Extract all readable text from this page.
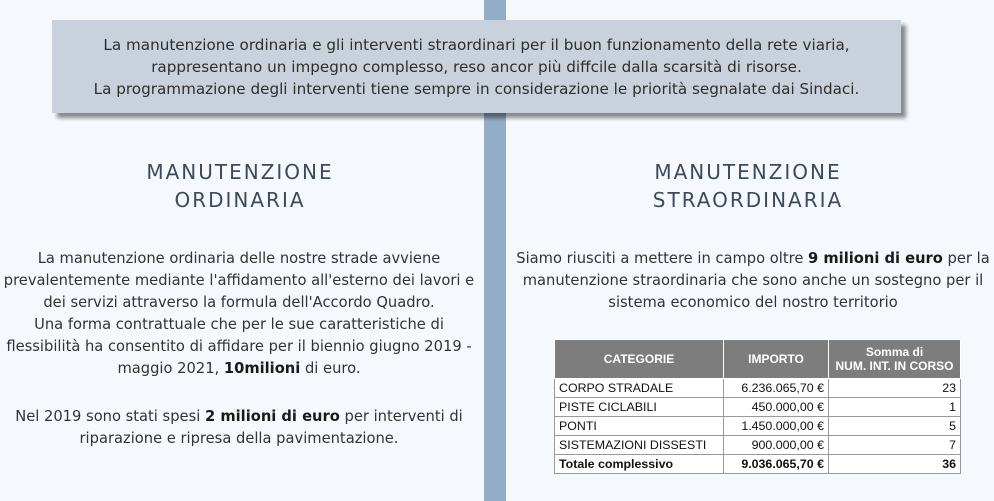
La manutenzione ordinaria e gli interventi straordinari per il buon funzionamento della rete viaria,
rappresentano un impegno complesso, reso ancor più diffcile dalla scarsità di risorse.
La programmazione degli interventi tiene sempre in considerazione le priorità segnalate dai Sindaci.
MANUTENZIONE
ORDINARIA
La manutenzione ordinaria delle nostre strade avviene
prevalentemente mediante l'affidamento all'esterno dei lavori e
dei servizi attraverso la formula dell'Accordo Quadro.
Una forma contrattuale che per le sue caratteristiche di
flessibilità ha consentito di affidare per il biennio giugno 2019 -
maggio 2021, 10milioni di euro.
Nel 2019 sono stati spesi 2 milioni di euro per interventi di
riparazione e ripresa della pavimentazione.
MANUTENZIONE
STRAORDINARIA
Siamo riusciti a mettere in campo oltre 9 milioni di euro per la
manutenzione straordinaria che sono anche un sostegno per il
sistema economico del nostro territorio
CATEGORIE	IMPORTO	Somma di
NUM. INT. IN CORSO
CORPO STRADALE	6.236.065,70 €	23
PISTE CICLABILI	450.000,00 €	1
PONTI	1.450.000,00 €	5
SISTEMAZIONI DISSESTI	900.000,00 €	7
Totale complessivo	9.036.065,70 €	36
